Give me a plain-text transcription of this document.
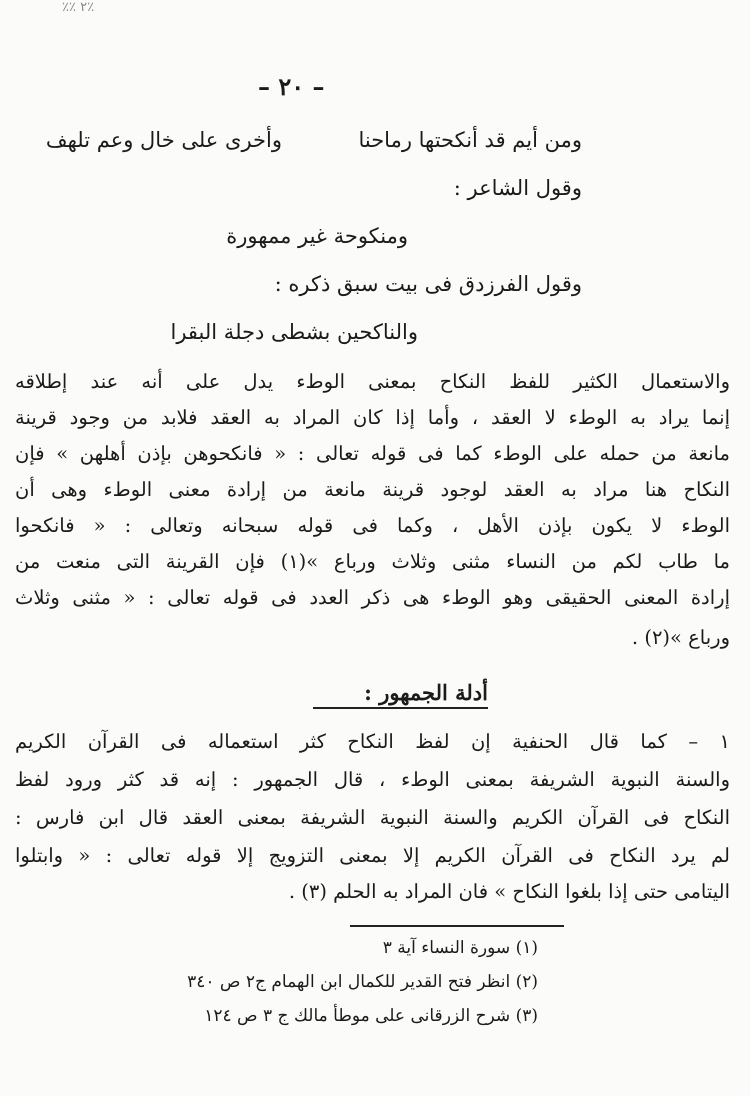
٪٪ ٢٪
– ٢٠ –
ومن أيم قد أنكحتها رماحنا
وأخرى على خال وعم تلهف
وقول الشاعر :
ومنكوحة غير ممهورة
وقول الفرزدق فى بيت سبق ذكره :
والناكحين بشطى دجلة البقرا
والاستعمال الكثير للفظ النكاح بمعنى الوطء يدل على أنه عند إطلاقه
إنما يراد به الوطء لا العقد ، وأما إذا كان المراد به العقد فلابد من وجود قرينة
مانعة من حمله على الوطء كما فى قوله تعالى : « فانكحوهن بإذن أهلهن » فإن
النكاح هنا مراد به العقد لوجود قرينة مانعة من إرادة معنى الوطء وهى أن
الوطء لا يكون بإذن الأهل ، وكما فى قوله سبحانه وتعالى : « فانكحوا
ما طاب لكم من النساء مثنى وثلاث ورباع »(١) فإن القرينة التى منعت من
إرادة المعنى الحقيقى وهو الوطء هى ذكر العدد فى قوله تعالى : « مثنى وثلاث
ورباع »(٢) .
أدلة الجمهور :
١ – كما قال الحنفية إن لفظ النكاح كثر استعماله فى القرآن الكريم
والسنة النبوية الشريفة بمعنى الوطء ، قال الجمهور : إنه قد كثر ورود لفظ
النكاح فى القرآن الكريم والسنة النبوية الشريفة بمعنى العقد قال ابن فارس :
لم يرد النكاح فى القرآن الكريم إلا بمعنى التزويج إلا قوله تعالى : « وابتلوا
اليتامى حتى إذا بلغوا النكاح » فان المراد به الحلم (٣) .
(١) سورة النساء آية ٣
(٢) انظر فتح القدير للكمال ابن الهمام ج٢ ص ٣٤٠
(٣) شرح الزرقانى على موطأ مالك ج ٣ ص ١٢٤
